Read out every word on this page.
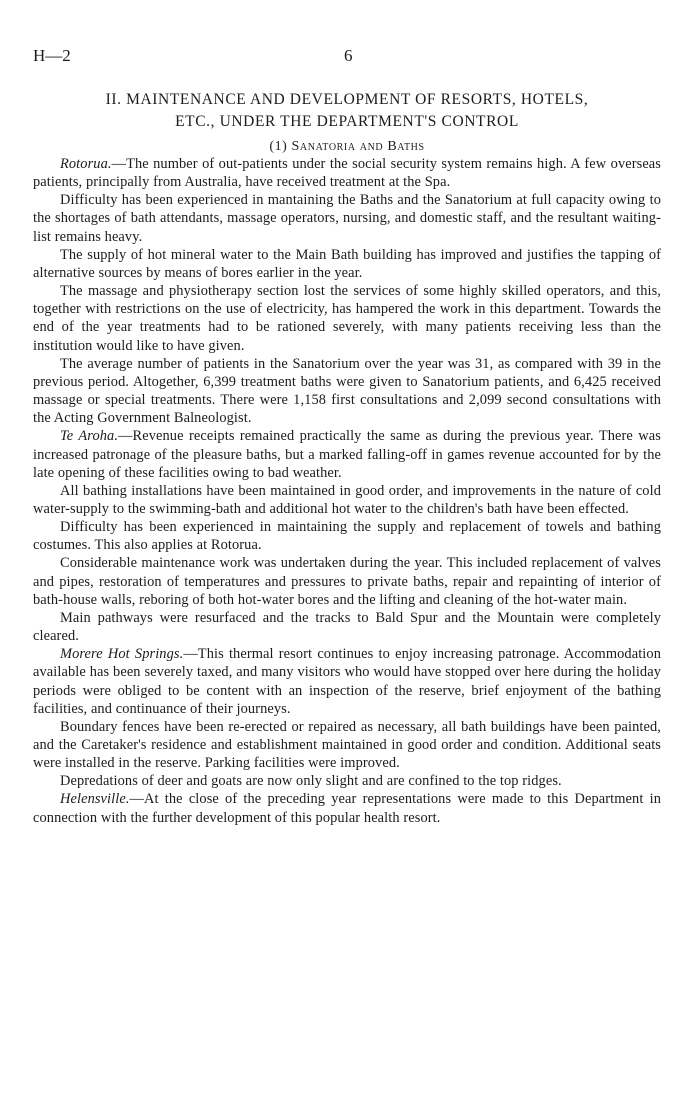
H—2	6
II. MAINTENANCE AND DEVELOPMENT OF RESORTS, HOTELS,
ETC., UNDER THE DEPARTMENT'S CONTROL
(1) Sanatoria and Baths

Rotorua.—The number of out-patients under the social security system remains high. A few overseas patients, principally from Australia, have received treatment at the Spa.

Difficulty has been experienced in mantaining the Baths and the Sanatorium at full capacity owing to the shortages of bath attendants, massage operators, nursing, and domestic staff, and the resultant waiting-list remains heavy.

The supply of hot mineral water to the Main Bath building has improved and justifies the tapping of alternative sources by means of bores earlier in the year.

The massage and physiotherapy section lost the services of some highly skilled operators, and this, together with restrictions on the use of electricity, has hampered the work in this department. Towards the end of the year treatments had to be rationed severely, with many patients receiving less than the institution would like to have given.

The average number of patients in the Sanatorium over the year was 31, as compared with 39 in the previous period. Altogether, 6,399 treatment baths were given to Sanatorium patients, and 6,425 received massage or special treatments. There were 1,158 first consultations and 2,099 second consultations with the Acting Government Balneologist.

Te Aroha.—Revenue receipts remained practically the same as during the previous year. There was increased patronage of the pleasure baths, but a marked falling-off in games revenue accounted for by the late opening of these facilities owing to bad weather.

All bathing installations have been maintained in good order, and improvements in the nature of cold water-supply to the swimming-bath and additional hot water to the children's bath have been effected.

Difficulty has been experienced in maintaining the supply and replacement of towels and bathing costumes. This also applies at Rotorua.

Considerable maintenance work was undertaken during the year. This included replacement of valves and pipes, restoration of temperatures and pressures to private baths, repair and repainting of interior of bath-house walls, reboring of both hot-water bores and the lifting and cleaning of the hot-water main.

Main pathways were resurfaced and the tracks to Bald Spur and the Mountain were completely cleared.

Morere Hot Springs.—This thermal resort continues to enjoy increasing patronage. Accommodation available has been severely taxed, and many visitors who would have stopped over here during the holiday periods were obliged to be content with an inspection of the reserve, brief enjoyment of the bathing facilities, and continuance of their journeys.

Boundary fences have been re-erected or repaired as necessary, all bath buildings have been painted, and the Caretaker's residence and establishment maintained in good order and condition. Additional seats were installed in the reserve. Parking facilities were improved.

Depredations of deer and goats are now only slight and are confined to the top ridges.

Helensville.—At the close of the preceding year representations were made to this Department in connection with the further development of this popular health resort.
